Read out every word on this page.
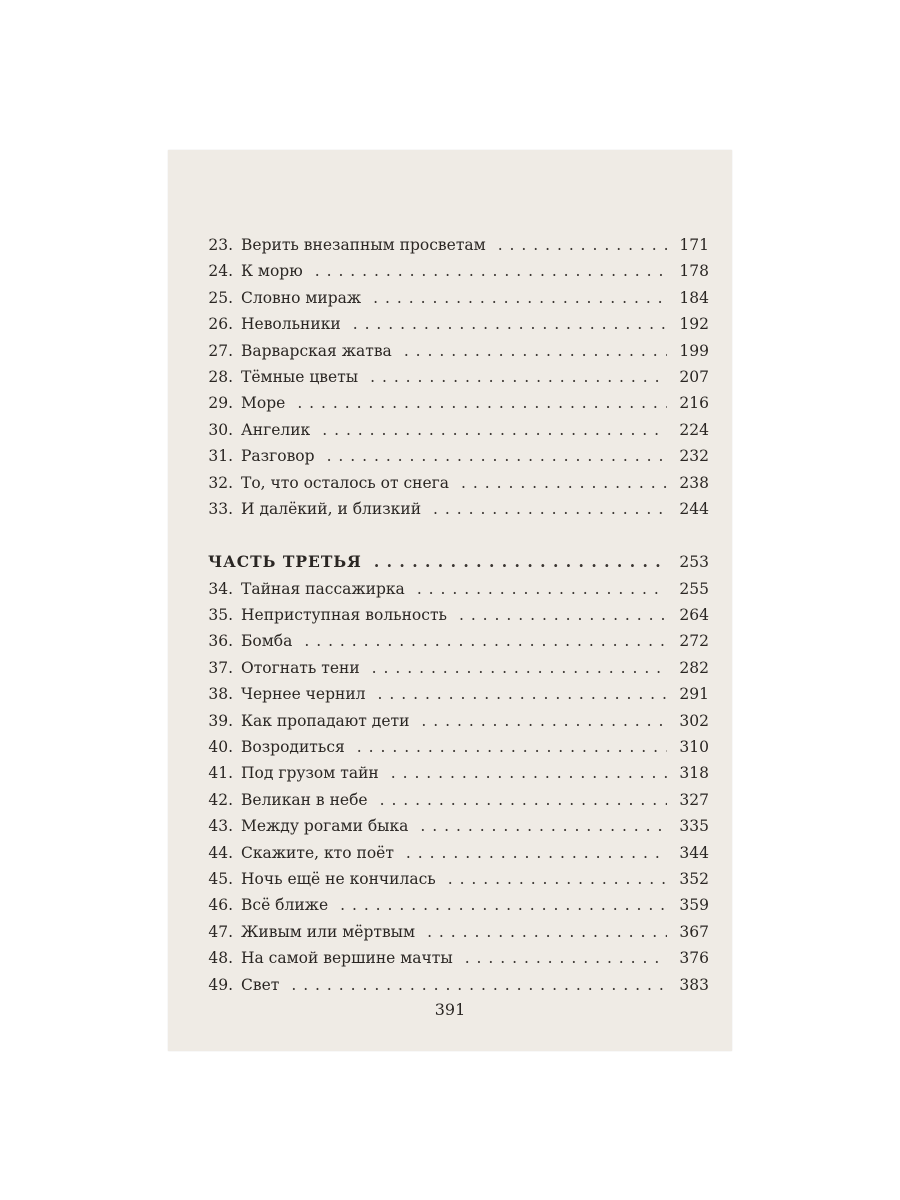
23. Верить внезапным просветам . . .	171
24. К морю . . .	178
25. Словно мираж . . .	184
26. Невольники . . .	192
27. Варварская жатва . . .	199
28. Тёмные цветы . . .	207
29. Море . . .	216
30. Ангелик . . .	224
31. Разговор . . .	232
32. То, что осталось от снега . . .	238
33. И далёкий, и близкий . . .	244
ЧАСТЬ ТРЕТЬЯ . . .	253
34. Тайная пассажирка . . .	255
35. Неприступная вольность . . .	264
36. Бомба . . .	272
37. Отогнать тени . . .	282
38. Чернее чернил . . .	291
39. Как пропадают дети . . .	302
40. Возродиться . . .	310
41. Под грузом тайн . . .	318
42. Великан в небе . . .	327
43. Между рогами быка . . .	335
44. Скажите, кто поёт . . .	344
45. Ночь ещё не кончилась . . .	352
46. Всё ближе . . .	359
47. Живым или мёртвым . . .	367
48. На самой вершине мачты . . .	376
49. Свет . . .	383
391
